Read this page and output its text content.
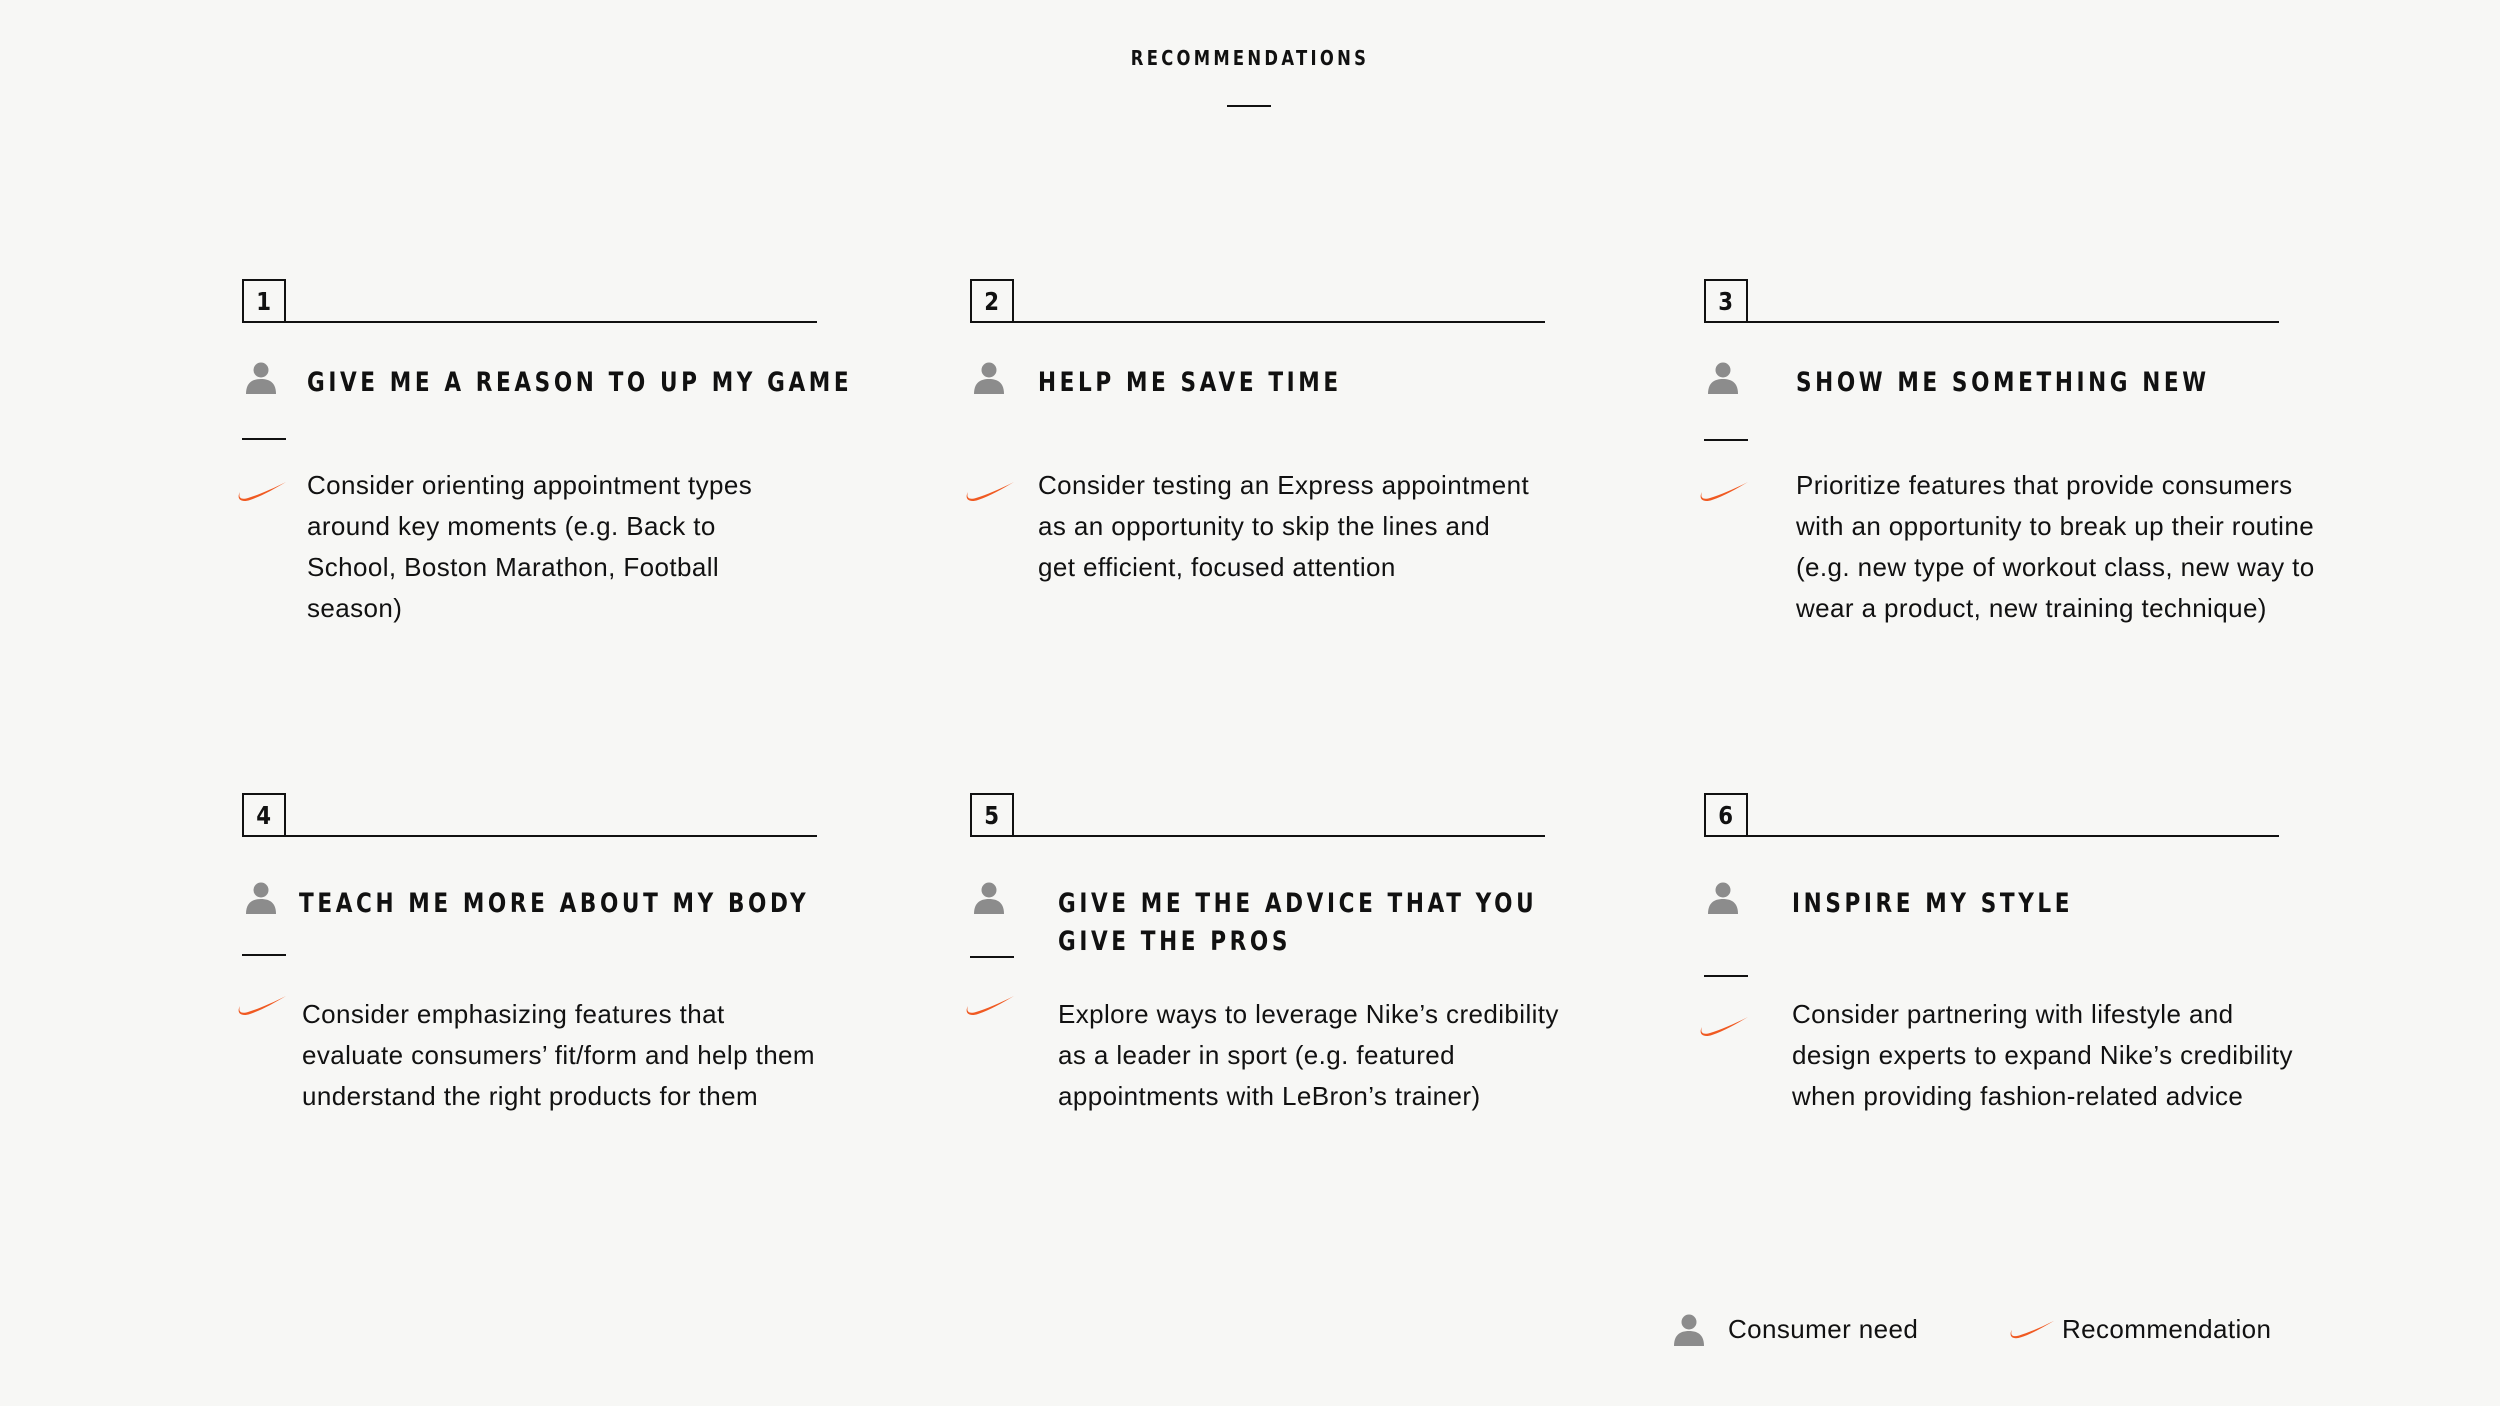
RECOMMENDATIONS
1
GIVE ME A REASON TO UP MY GAME
Consider orienting appointment types
around key moments (e.g. Back to
School, Boston Marathon, Football
season)
2
HELP ME SAVE TIME
Consider testing an Express appointment
as an opportunity to skip the lines and
get efficient, focused attention
3
SHOW ME SOMETHING NEW
Prioritize features that provide consumers
with an opportunity to break up their routine
(e.g. new type of workout class, new way to
wear a product, new training technique)
4
TEACH ME MORE ABOUT MY BODY
Consider emphasizing features that
evaluate consumers’ fit/form and help them
understand the right products for them
5
GIVE ME THE ADVICE THAT YOU
GIVE THE PROS
Explore ways to leverage Nike’s credibility
as a leader in sport (e.g. featured
appointments with LeBron’s trainer)
6
INSPIRE MY STYLE
Consider partnering with lifestyle and
design experts to expand Nike’s credibility
when providing fashion-related advice
Consumer need	Recommendation
